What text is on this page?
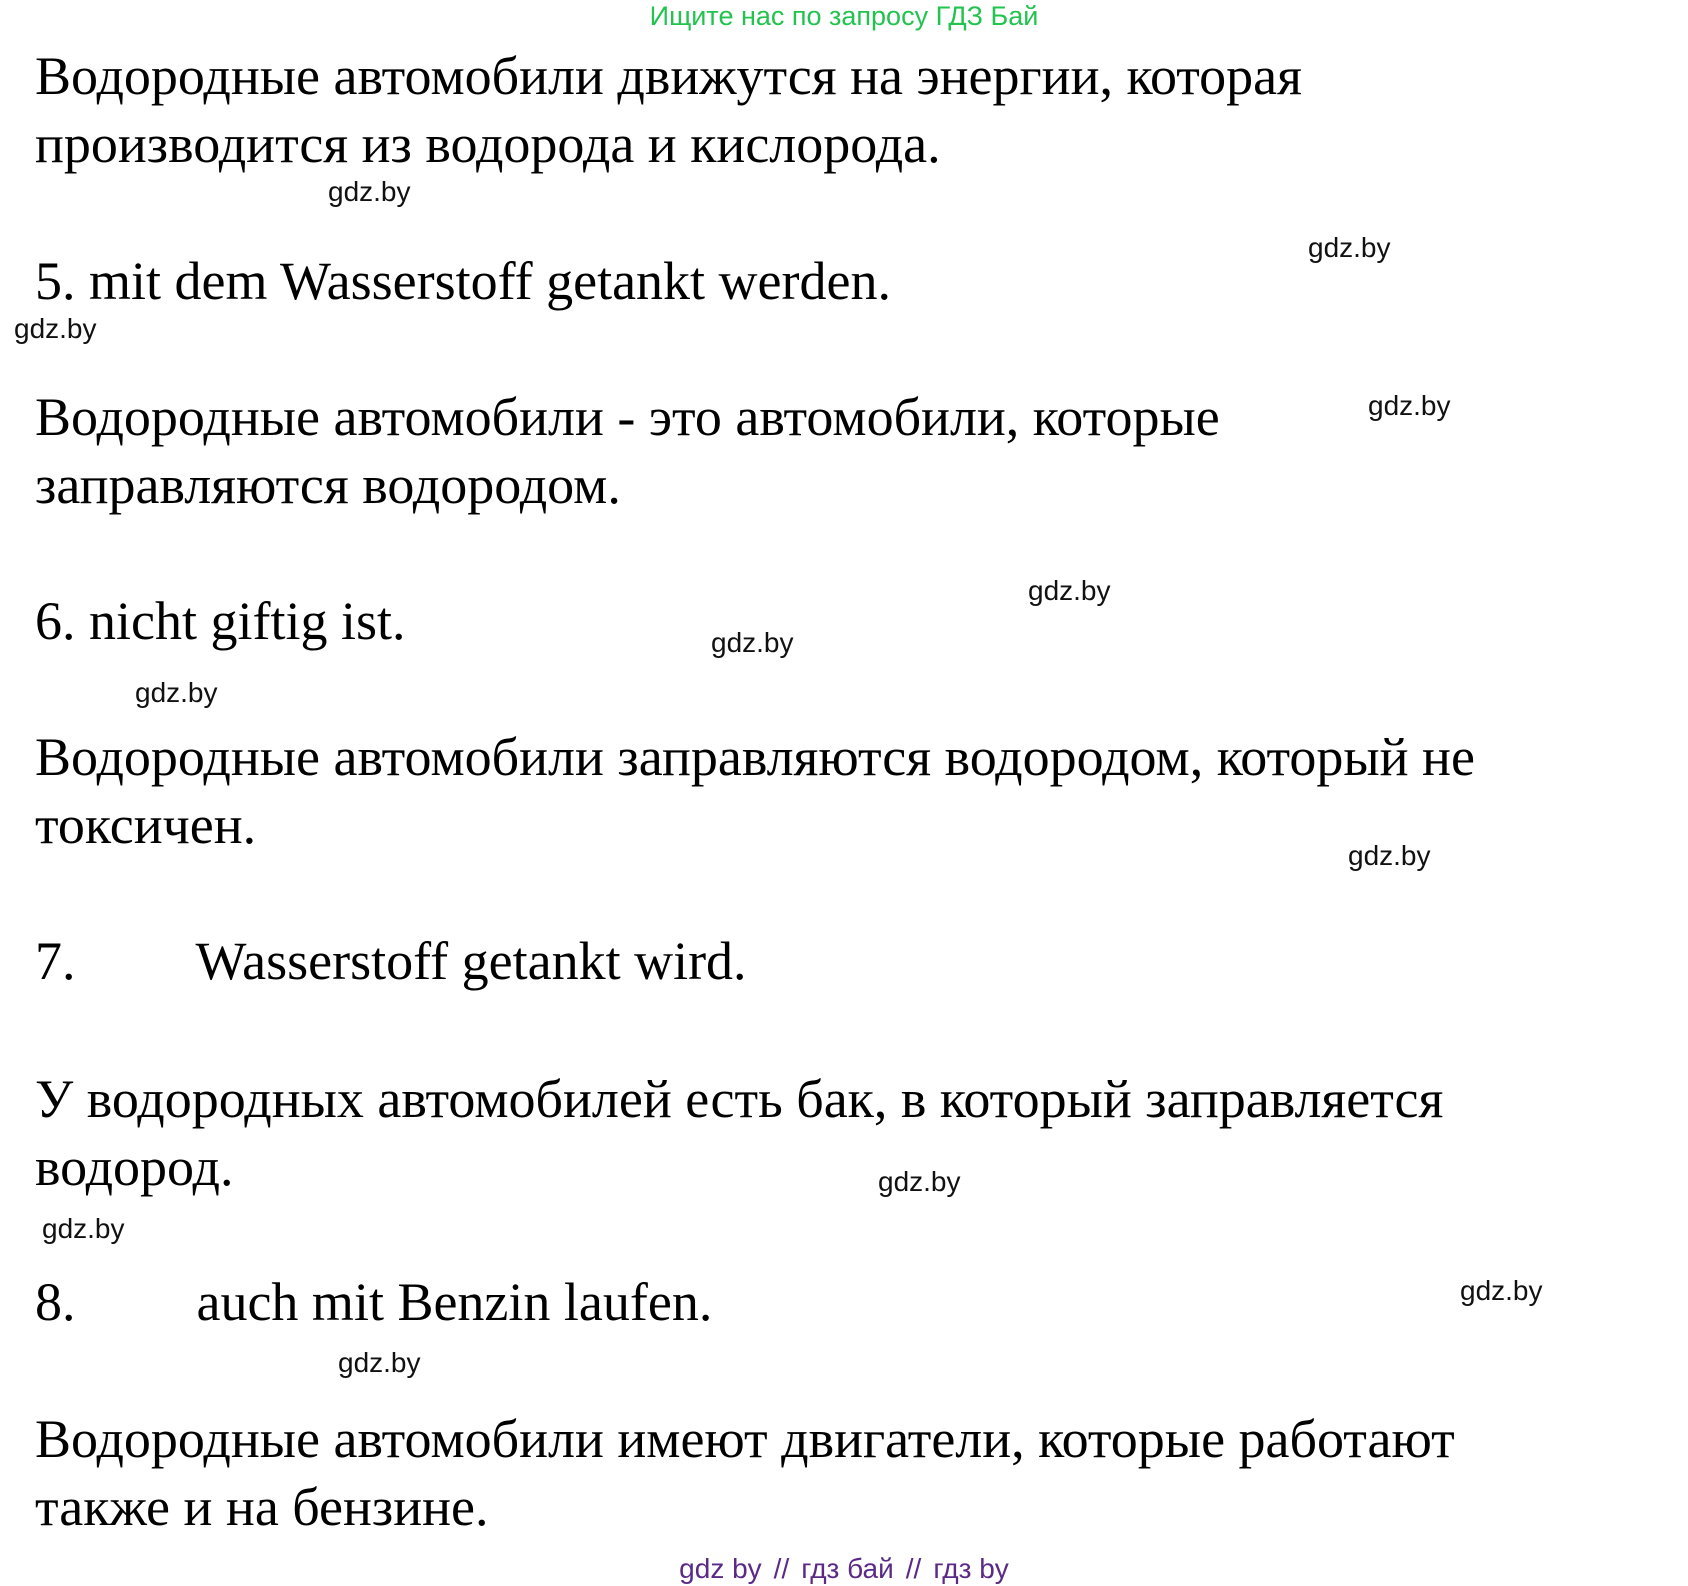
Ищите нас по запросу ГДЗ Бай
Водородные автомобили движутся на энергии, которая
производится из водорода и кислорода.
5. mit dem Wasserstoff getankt werden.
Водородные автомобили - это автомобили, которые
заправляются водородом.
6. nicht giftig ist.
Водородные автомобили заправляются водородом, который не
токсичен.
7. Wasserstoff getankt wird.
У водородных автомобилей есть бак, в который заправляется
водород.
8. auch mit Benzin laufen.
Водородные автомобили имеют двигатели, которые работают
также и на бензине.
gdz.by
gdz.by
gdz.by
gdz.by
gdz.by
gdz.by
gdz.by
gdz.by
gdz.by
gdz.by
gdz.by
gdz.by
gdz by // гдз бай // гдз by
